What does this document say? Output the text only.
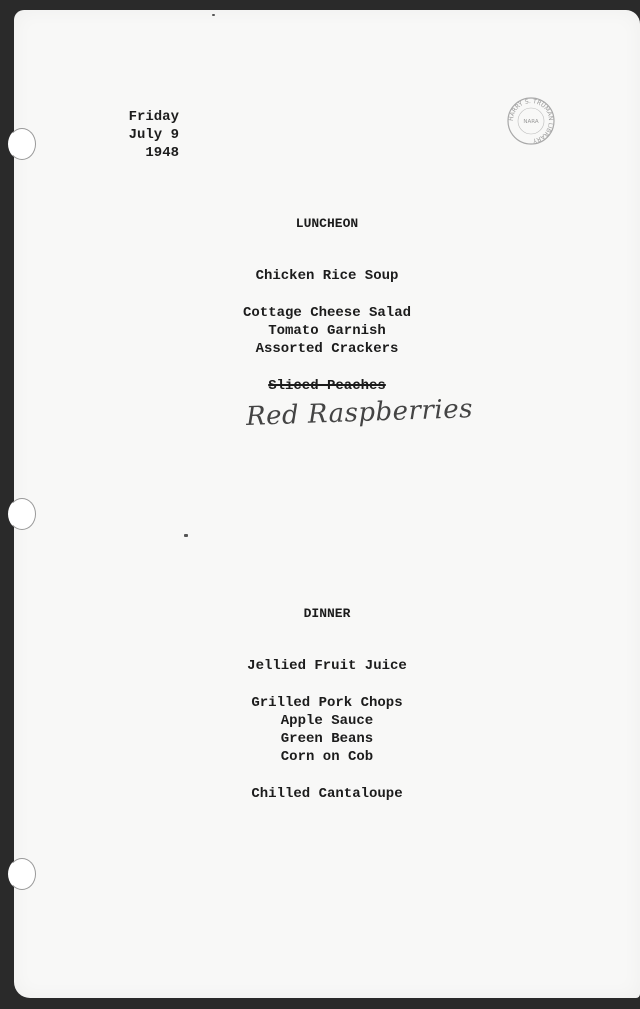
Friday
July 9
1948
HARRY S. TRUMAN LIBRARY
NARA
LUNCHEON
Chicken Rice Soup
Cottage Cheese Salad
Tomato Garnish
Assorted Crackers
Sliced Peaches
Red Raspberries
DINNER
Jellied Fruit Juice
Grilled Pork Chops
Apple Sauce
Green Beans
Corn on Cob
Chilled Cantaloupe
